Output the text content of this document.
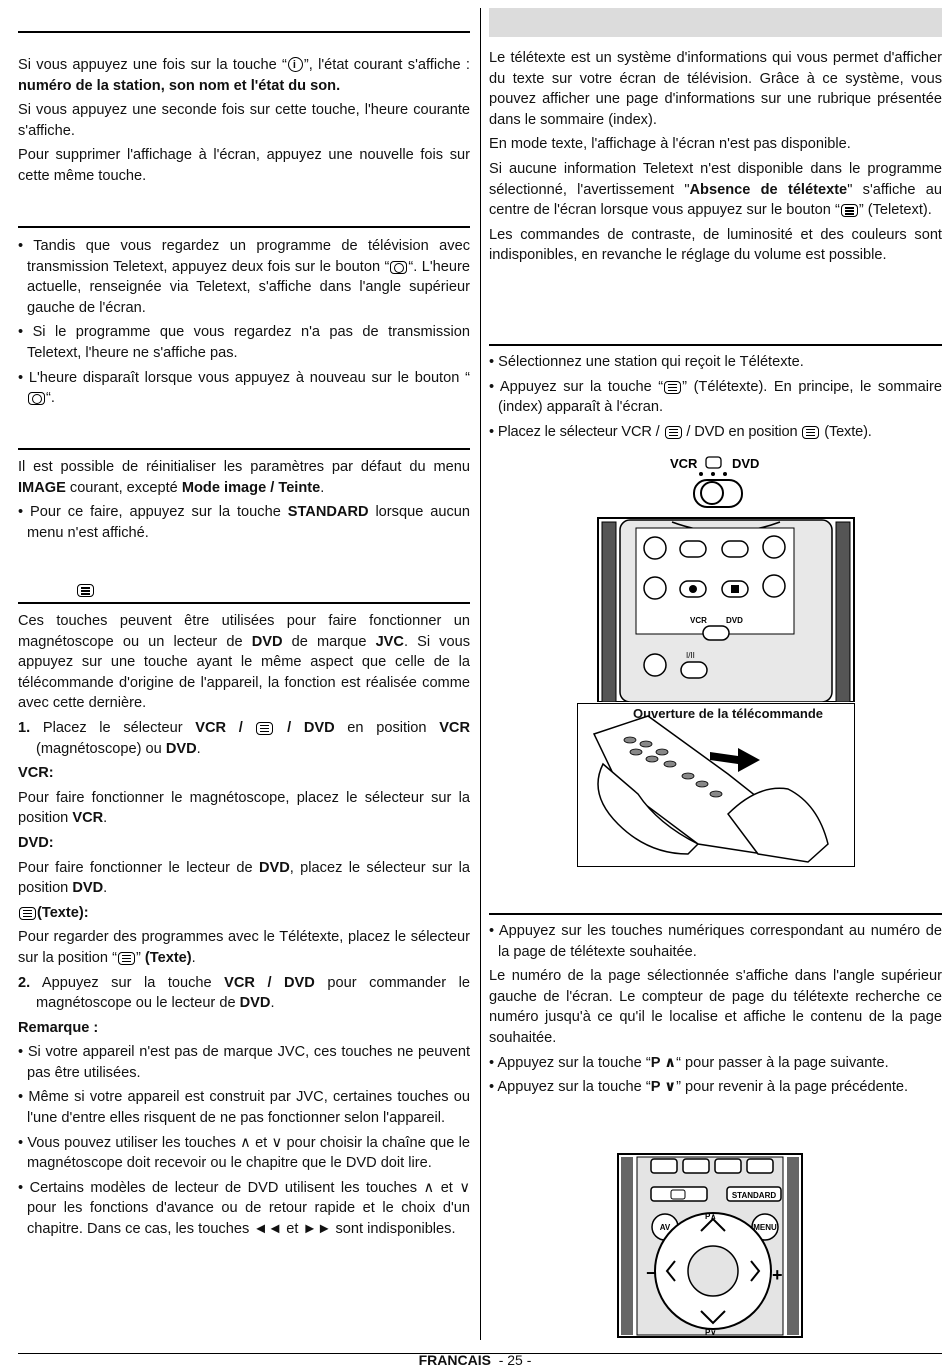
Si vous appuyez une fois sur la touche “i ”, l'état courant s'affiche : numéro de la station, son nom et l'état du son.

Si vous appuyez une seconde fois sur cette touche, l'heure courante s'affiche.

Pour supprimer l'affichage à l'écran, appuyez une nouvelle fois sur cette même touche.

• Tandis que vous regardez un programme de télévision avec transmission Teletext, appuyez deux fois sur le bouton “ “. L'heure actuelle, renseignée via Teletext, s'affiche dans l'angle supérieur gauche de l'écran.

• Si le programme que vous regardez n'a pas de transmission Teletext, l'heure ne s'affiche pas.

• L'heure disparaît lorsque vous appuyez à nouveau sur le bouton ““.

Il est possible de réinitialiser les paramètres par défaut du menu IMAGE courant, excepté Mode image / Teinte.

• Pour ce faire, appuyez sur la touche STANDARD lorsque aucun menu n'est affiché.

Ces touches peuvent être utilisées pour faire fonctionner un magnétoscope ou un lecteur de DVD de marque JVC. Si vous appuyez sur une touche ayant le même aspect que celle de la télécommande d'origine de l'appareil, la fonction est réalisée comme avec cette dernière.

1. Placez le sélecteur VCR /  / DVD en position VCR (magnétoscope) ou DVD.

VCR:

Pour faire fonctionner le magnétoscope, placez le sélecteur sur la position VCR.

DVD:

Pour faire fonctionner le lecteur de DVD, placez le sélecteur sur la position DVD.

(Texte):

Pour regarder des programmes avec le Télétexte, placez le sélecteur sur la position “ ” (Texte).

2. Appuyez sur la touche VCR / DVD pour commander le magnétoscope ou le lecteur de DVD.

Remarque :

• Si votre appareil n'est pas de marque JVC, ces touches ne peuvent pas être utilisées.

• Même si votre appareil est construit par JVC, certaines touches ou l'une d'entre elles risquent de ne pas fonctionner selon l'appareil.

• Vous pouvez utiliser les touches ∧ et ∨ pour choisir la chaîne que le magnétoscope doit recevoir ou le chapitre que le DVD doit lire.

• Certains modèles de lecteur de DVD utilisent les touches ∧ et ∨ pour les fonctions d'avance ou de retour rapide et le choix d'un chapitre. Dans ce cas, les touches ◄◄ et ►► sont indisponibles.

Le télétexte est un système d'informations qui vous permet d'afficher du texte sur votre écran de télévision. Grâce à ce système, vous pouvez afficher une page d'informations sur une rubrique présentée dans le sommaire (index).

En mode texte, l'affichage à l'écran n'est pas disponible.

Si aucune information Teletext n'est disponible dans le programme sélectionné, l'avertissement "Absence de télétexte" s'affiche au centre de l'écran lorsque vous appuyez sur le bouton “ ” (Teletext).

Les commandes de contraste, de luminosité et des couleurs sont indisponibles, en revanche le réglage du volume est possible.

• Sélectionnez une station qui reçoit le Télétexte.

• Appuyez sur la touche “ ” (Télétexte). En principe, le sommaire (index) apparaît à l'écran.

• Placez le sélecteur VCR /  / DVD en position  (Texte).

VCR	DVD
VCR DVD
I/II
Ouverture de la télécommande

• Appuyez sur les touches numériques correspondant au numéro de la page de télétexte souhaitée.

Le numéro de la page sélectionnée s'affiche dans l'angle supérieur gauche de l'écran. Le compteur de page du télétexte recherche ce numéro jusqu'à ce qu'il le localise et affiche le contenu de la page souhaitée.

• Appuyez sur la touche “P ∧“ pour passer à la page suivante.

• Appuyez sur la touche “P ∨” pour revenir à la page précédente.

STANDARD
AV	MENU
P∧
P∨
−	+
FRANCAIS - 25 -
